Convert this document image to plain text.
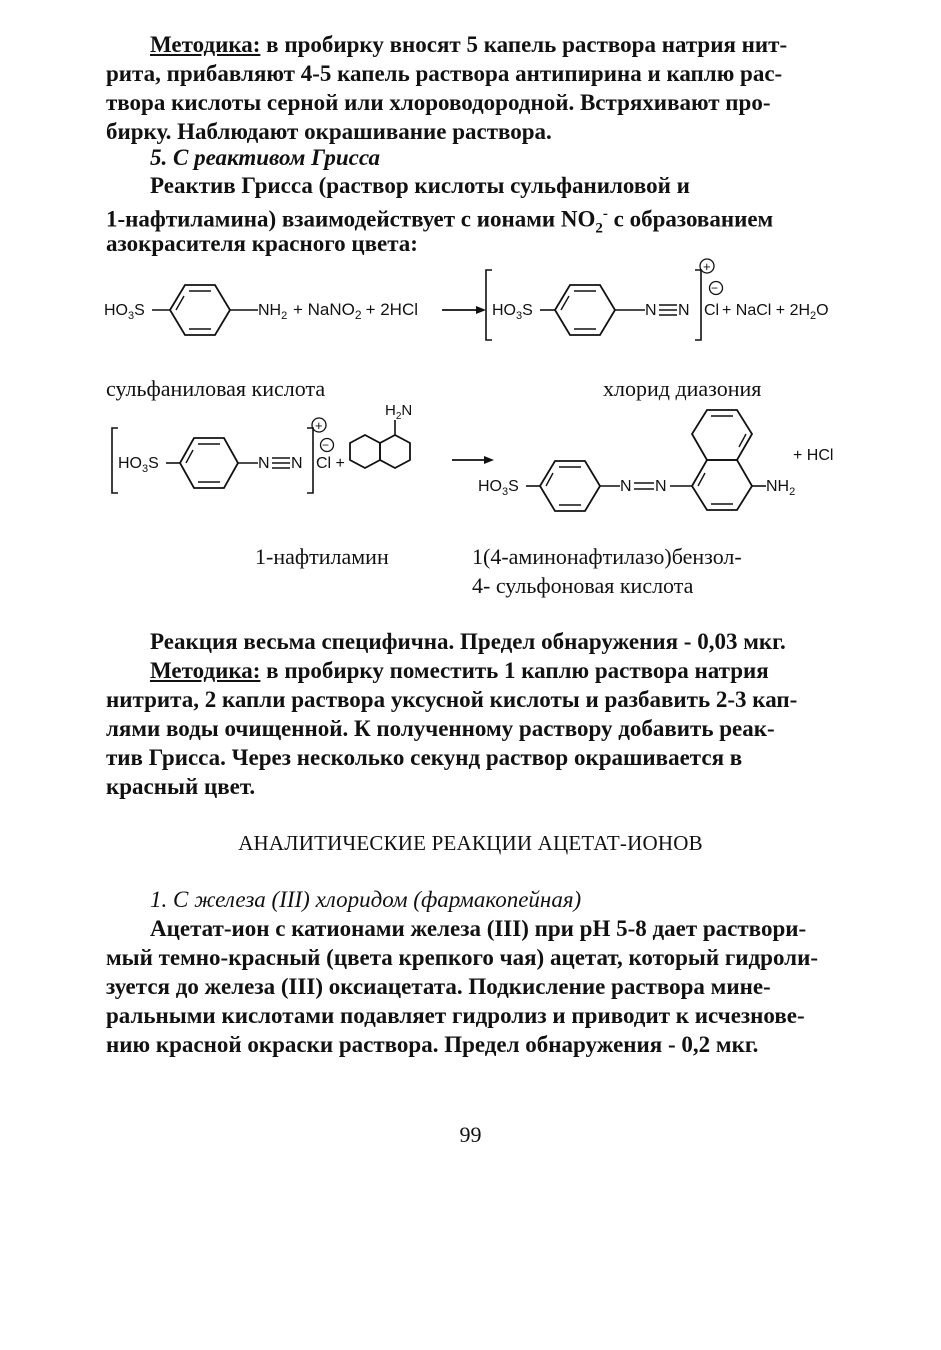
Методика: в пробирку вносят 5 капель раствора натрия нит-
рита, прибавляют 4-5 капель раствора антипирина и каплю рас-
твора кислоты серной или хлороводородной. Встряхивают про-
бирку. Наблюдают окрашивание раствора.
5. С реактивом Грисса
Реактив Грисса (раствор кислоты сульфаниловой и
1-нафтиламина) взаимодействует с ионами $NO_2^-$ с образованием
азокрасителя красного цвета:
$HO_3S$	$NH_2$ + NaNO$_2$ + 2HCl	$HO_3S$	N N
+
−
Cl + NaCl + $2H_2O$
сульфаниловая кислота	хлорид диазония
$HO_3S$	N N
+
−
Cl +
$H_2N$
$HO_3S$	N N	$NH_2$
+ HCl
1-нафтиламин	1(4-аминонафтилазо)бензол-
4- сульфоновая кислота
Реакция весьма специфична. Предел обнаружения - 0,03 мкг.
Методика: в пробирку поместить 1 каплю раствора натрия
нитрита, 2 капли раствора уксусной кислоты и разбавить 2-3 кап-
лями воды очищенной. К полученному раствору добавить реак-
тив Грисса. Через несколько секунд раствор окрашивается в
красный цвет.
АНАЛИТИЧЕСКИЕ РЕАКЦИИ АЦЕТАТ-ИОНОВ
1. С железа (III) хлоридом (фармакопейная)
Ацетат-ион с катионами железа (III) при pH 5-8 дает раствори-
мый темно-красный (цвета крепкого чая) ацетат, который гидроли-
зуется до железа (III) оксиацетата. Подкисление раствора мине-
ральными кислотами подавляет гидролиз и приводит к исчезнове-
нию красной окраски раствора. Предел обнаружения - 0,2 мкг.
99
